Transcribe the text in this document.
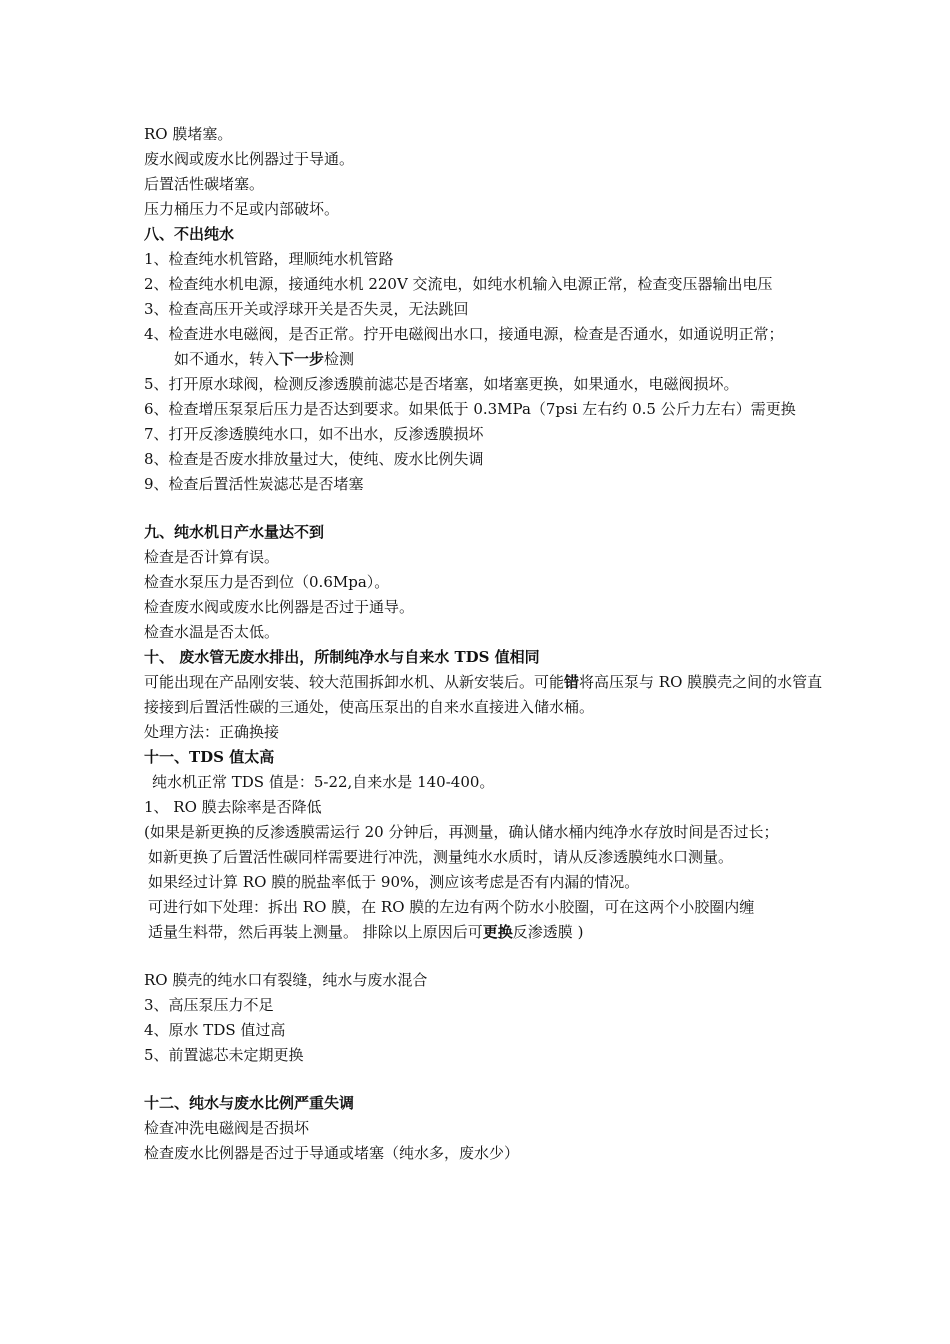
RO 膜堵塞。

废水阀或废水比例器过于导通。

后置活性碳堵塞。

压力桶压力不足或内部破坏。

八、不出纯水

1、检查纯水机管路，理顺纯水机管路

2、检查纯水机电源，接通纯水机 220V 交流电，如纯水机输入电源正常，检查变压器输出电压

3、检查高压开关或浮球开关是否失灵，无法跳回

4、检查进水电磁阀，是否正常。拧开电磁阀出水口，接通电源，检查是否通水，如通说明正常；

如不通水，转入下一步检测

5、打开原水球阀，检测反渗透膜前滤芯是否堵塞，如堵塞更换，如果通水，电磁阀损坏。

6、检查增压泵泵后压力是否达到要求。如果低于 0.3MPa（7psi 左右约 0.5 公斤力左右）需更换

7、打开反渗透膜纯水口，如不出水，反渗透膜损坏

8、检查是否废水排放量过大，使纯、废水比例失调

9、检查后置活性炭滤芯是否堵塞

九、纯水机日产水量达不到

检查是否计算有误。

检查水泵压力是否到位（0.6Mpa）。

检查废水阀或废水比例器是否过于通导。

检查水温是否太低。

十、 废水管无废水排出，所制纯净水与自来水 TDS 值相同

可能出现在产品刚安装、较大范围拆卸水机、从新安装后。可能错将高压泵与 RO 膜膜壳之间的水管直接接到后置活性碳的三通处，使高压泵出的自来水直接进入储水桶。

处理方法：正确换接

十一、TDS 值太高

纯水机正常 TDS 值是：5-22,自来水是 140-400。

1、 RO 膜去除率是否降低

(如果是新更换的反渗透膜需运行 20 分钟后，再测量，确认储水桶内纯净水存放时间是否过长；

如新更换了后置活性碳同样需要进行冲洗，测量纯水水质时，请从反渗透膜纯水口测量。

如果经过计算 RO 膜的脱盐率低于 90%，测应该考虑是否有内漏的情况。

可进行如下处理：拆出 RO 膜，在 RO 膜的左边有两个防水小胶圈，可在这两个小胶圈内缠

适量生料带，然后再装上测量。 排除以上原因后可更换反渗透膜 )

RO 膜壳的纯水口有裂缝，纯水与废水混合

3、高压泵压力不足

4、原水 TDS 值过高

5、前置滤芯未定期更换

十二、纯水与废水比例严重失调

检查冲洗电磁阀是否损坏

检查废水比例器是否过于导通或堵塞（纯水多，废水少）
